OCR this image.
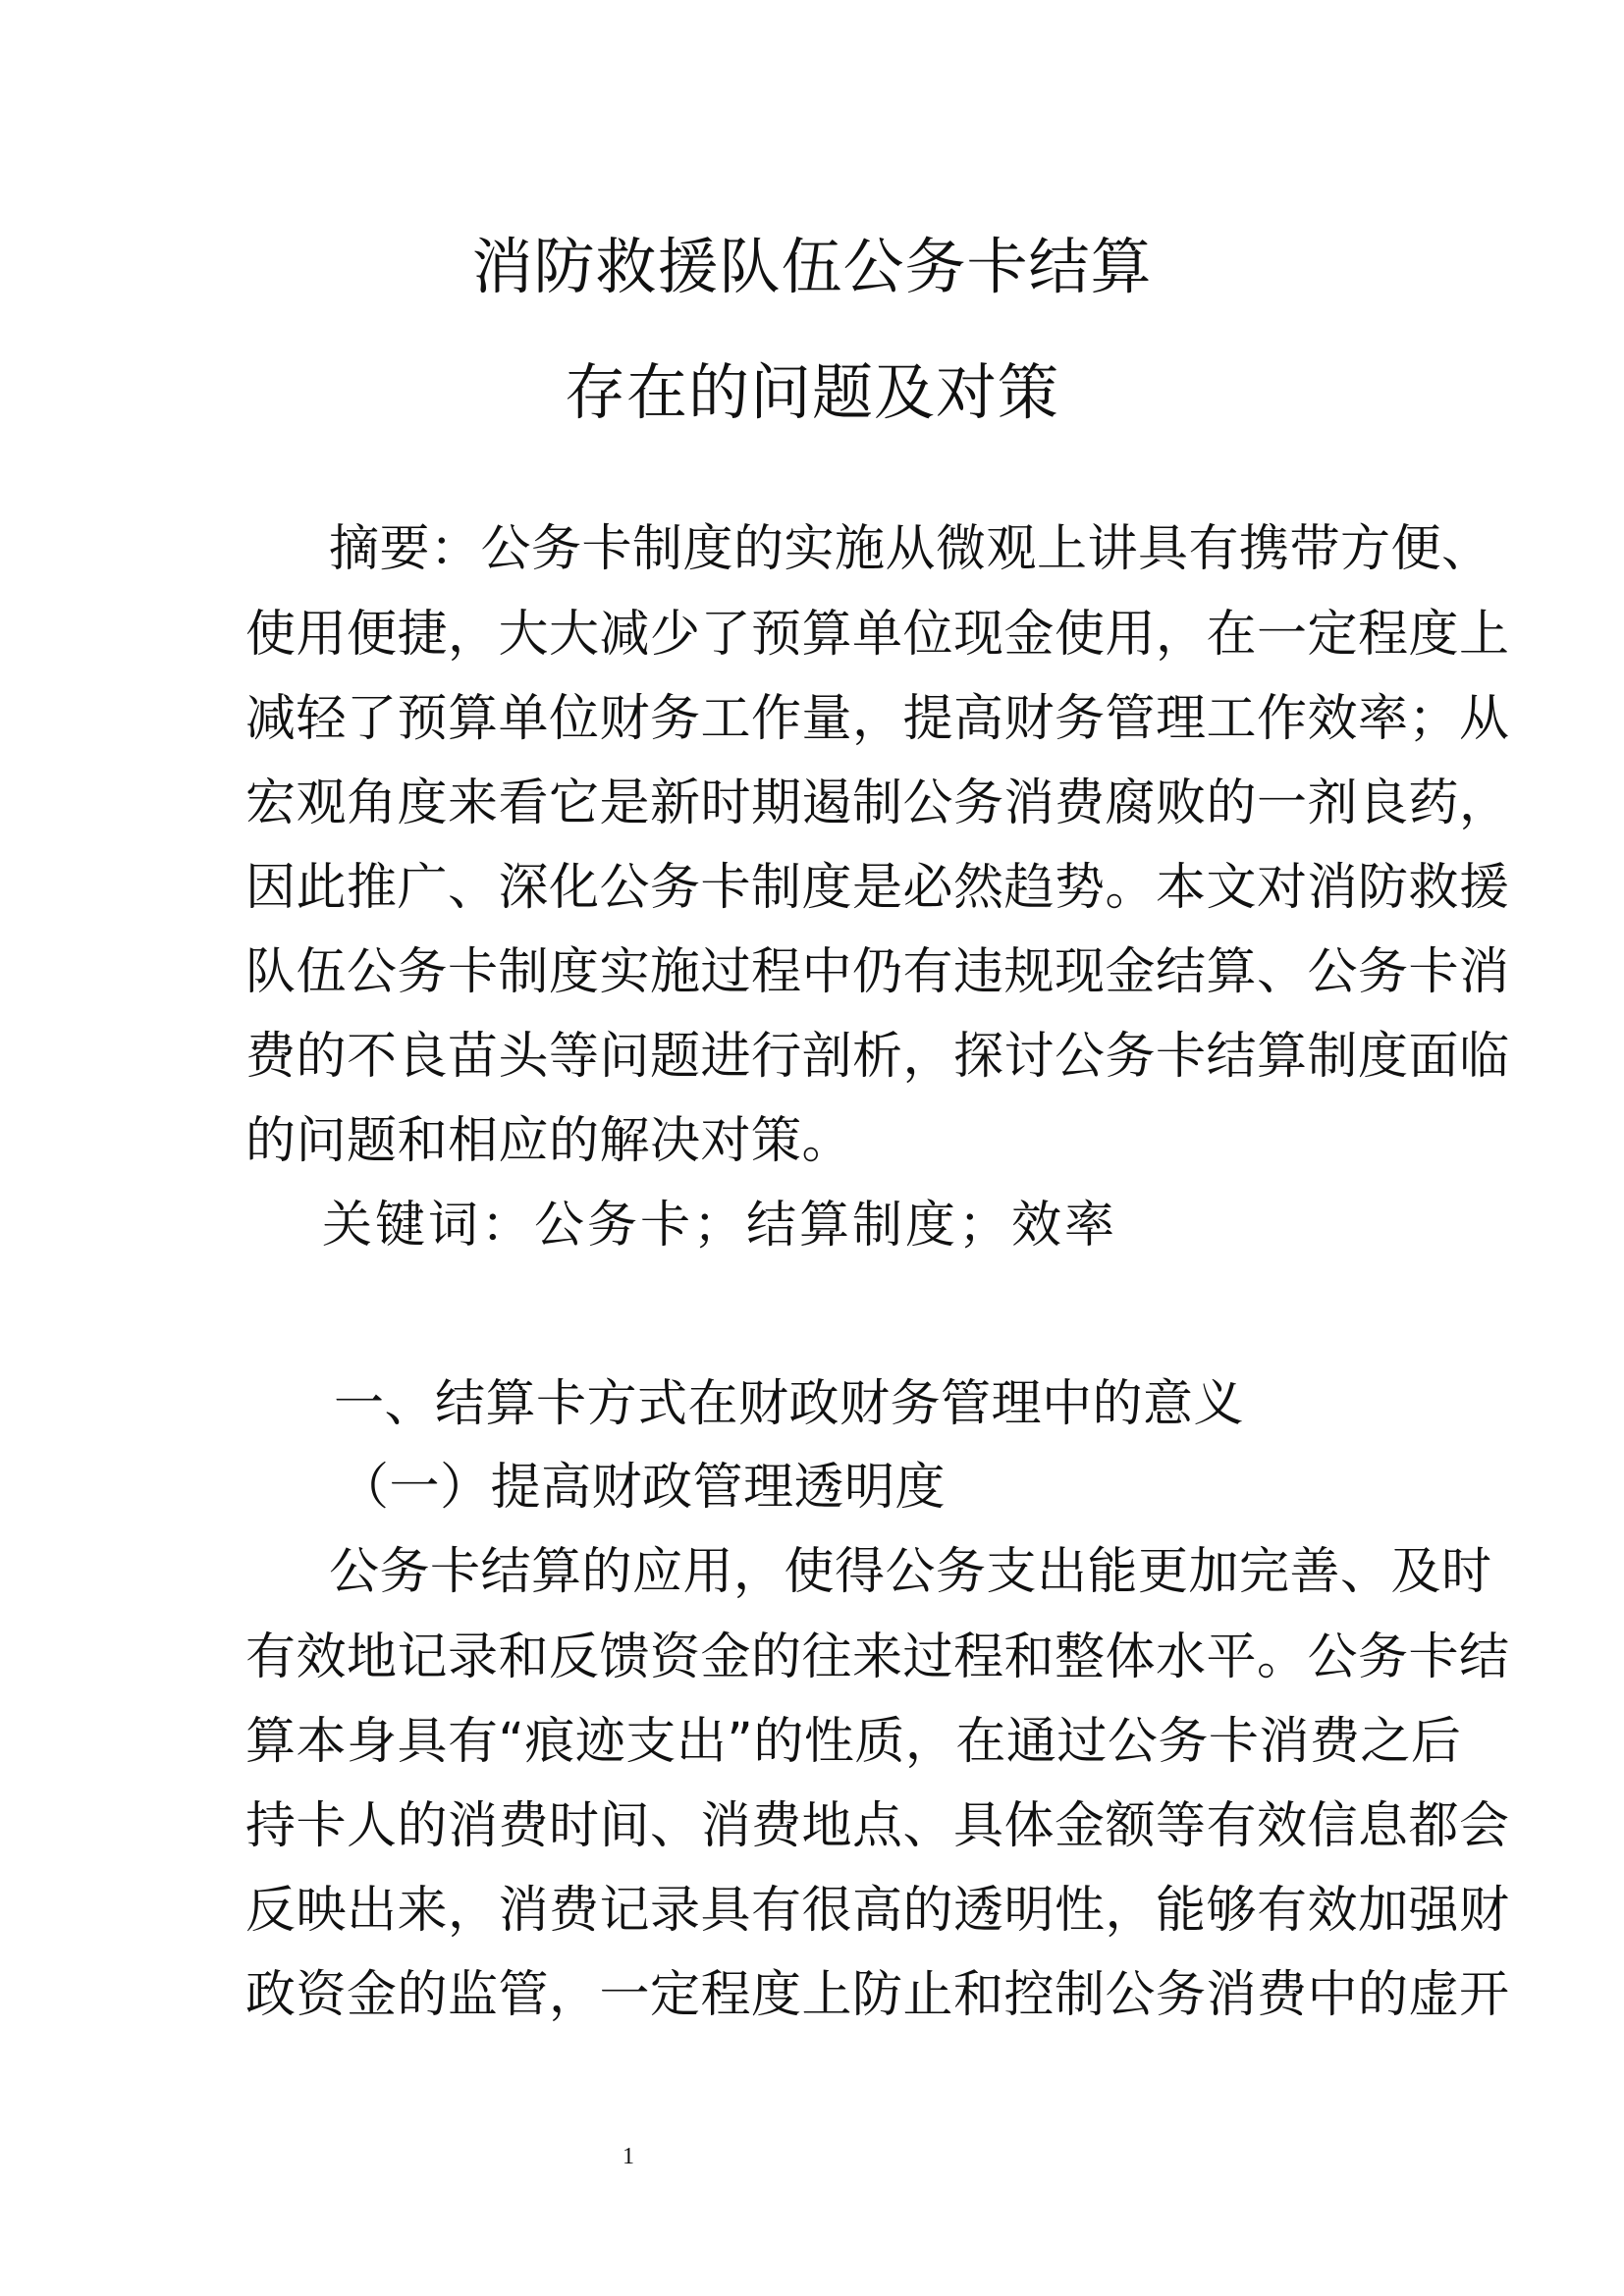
消防救援队伍公务卡结算
存在的问题及对策
摘要：公务卡制度的实施从微观上讲具有携带方便、
使用便捷，大大减少了预算单位现金使用，在一定程度上
减轻了预算单位财务工作量，提高财务管理工作效率；从
宏观角度来看它是新时期遏制公务消费腐败的一剂良药，
因此推广、深化公务卡制度是必然趋势。本文对消防救援
队伍公务卡制度实施过程中仍有违规现金结算、公务卡消
费的不良苗头等问题进行剖析，探讨公务卡结算制度面临
的问题和相应的解决对策。
关键词：公务卡；结算制度；效率
一、结算卡方式在财政财务管理中的意义
（一）提高财政管理透明度
公务卡结算的应用，使得公务支出能更加完善、及时
有效地记录和反馈资金的往来过程和整体水平。公务卡结
算本身具有“痕迹支出”的性质，在通过公务卡消费之后
持卡人的消费时间、消费地点、具体金额等有效信息都会
反映出来，消费记录具有很高的透明性，能够有效加强财
政资金的监管，一定程度上防止和控制公务消费中的虚开
1
